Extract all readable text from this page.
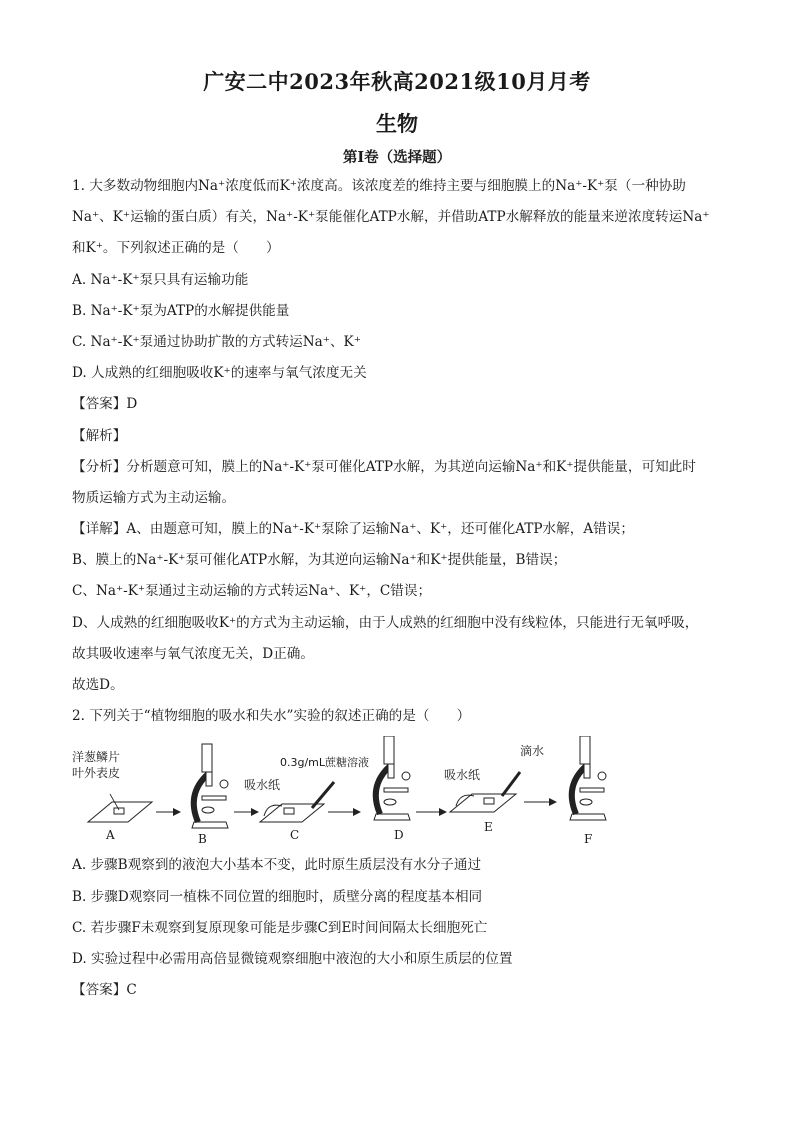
广安二中2023年秋高2021级10月月考
生物
第Ⅰ卷（选择题）
1. 大多数动物细胞内Na⁺浓度低而K⁺浓度高。该浓度差的维持主要与细胞膜上的Na⁺-K⁺泵（一种协助
Na⁺、K⁺运输的蛋白质）有关，Na⁺-K⁺泵能催化ATP水解，并借助ATP水解释放的能量来逆浓度转运Na⁺
和K⁺。下列叙述正确的是（　　）
A. Na⁺-K⁺泵只具有运输功能
B. Na⁺-K⁺泵为ATP的水解提供能量
C. Na⁺-K⁺泵通过协助扩散的方式转运Na⁺、K⁺
D. 人成熟的红细胞吸收K⁺的速率与氧气浓度无关
【答案】D
【解析】
【分析】分析题意可知，膜上的Na⁺-K⁺泵可催化ATP水解，为其逆向运输Na⁺和K⁺提供能量，可知此时
物质运输方式为主动运输。
【详解】A、由题意可知，膜上的Na⁺-K⁺泵除了运输Na⁺、K⁺，还可催化ATP水解，A错误；
B、膜上的Na⁺-K⁺泵可催化ATP水解，为其逆向运输Na⁺和K⁺提供能量，B错误；
C、Na⁺-K⁺泵通过主动运输的方式转运Na⁺、K⁺，C错误；
D、人成熟的红细胞吸收K⁺的方式为主动运输，由于人成熟的红细胞中没有线粒体，只能进行无氧呼吸，
故其吸收速率与氧气浓度无关，D正确。
故选D。
2. 下列关于“植物细胞的吸水和失水”实验的叙述正确的是（　　）
洋葱鳞片
叶外表皮
吸水纸
0.3g/mL蔗糖溶液
吸水纸
滴水
A	B	C	D
E
F
A. 步骤B观察到的液泡大小基本不变，此时原生质层没有水分子通过
B. 步骤D观察同一植株不同位置的细胞时，质壁分离的程度基本相同
C. 若步骤F未观察到复原现象可能是步骤C到E时间间隔太长细胞死亡
D. 实验过程中必需用高倍显微镜观察细胞中液泡的大小和原生质层的位置
【答案】C
